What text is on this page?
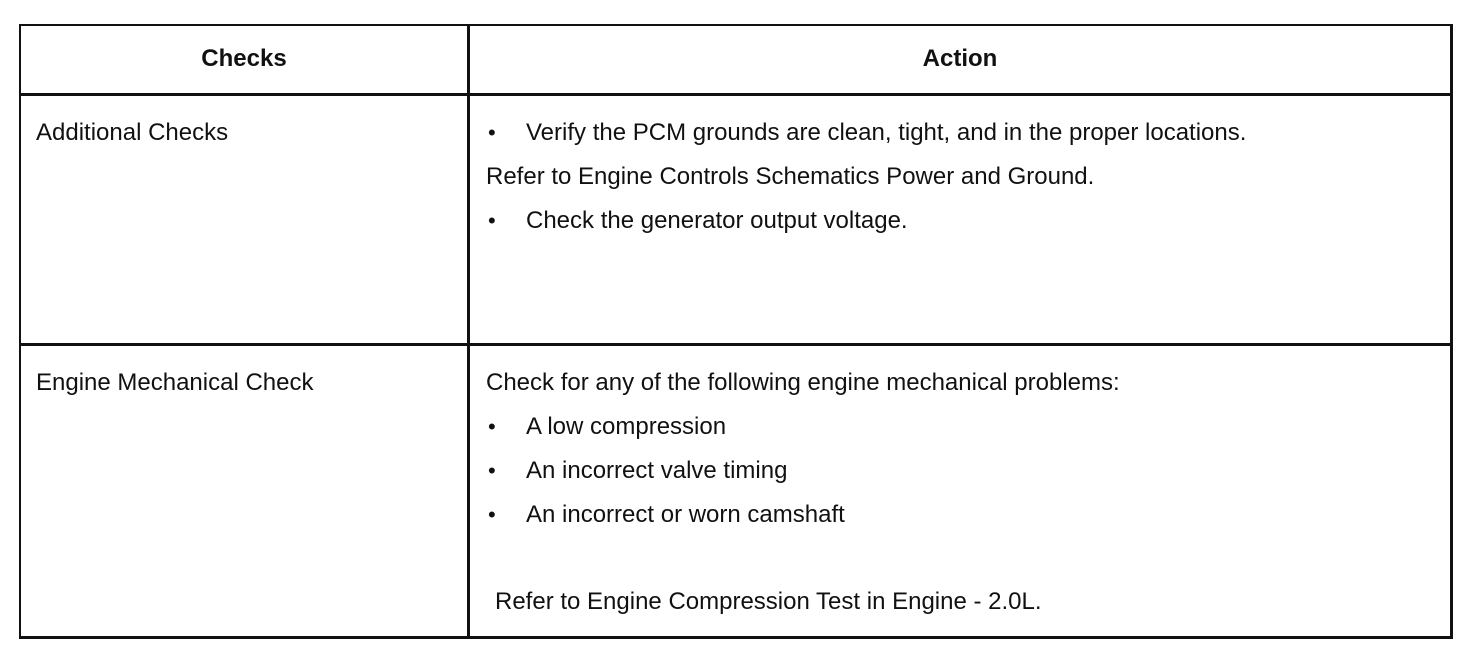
Checks	Action
Additional Checks	• Verify the PCM grounds are clean, tight, and in the proper locations.
Refer to Engine Controls Schematics Power and Ground.
• Check the generator output voltage.
Engine Mechanical Check	Check for any of the following engine mechanical problems:
• A low compression
• An incorrect valve timing
• An incorrect or worn camshaft
Refer to Engine Compression Test in Engine - 2.0L.
